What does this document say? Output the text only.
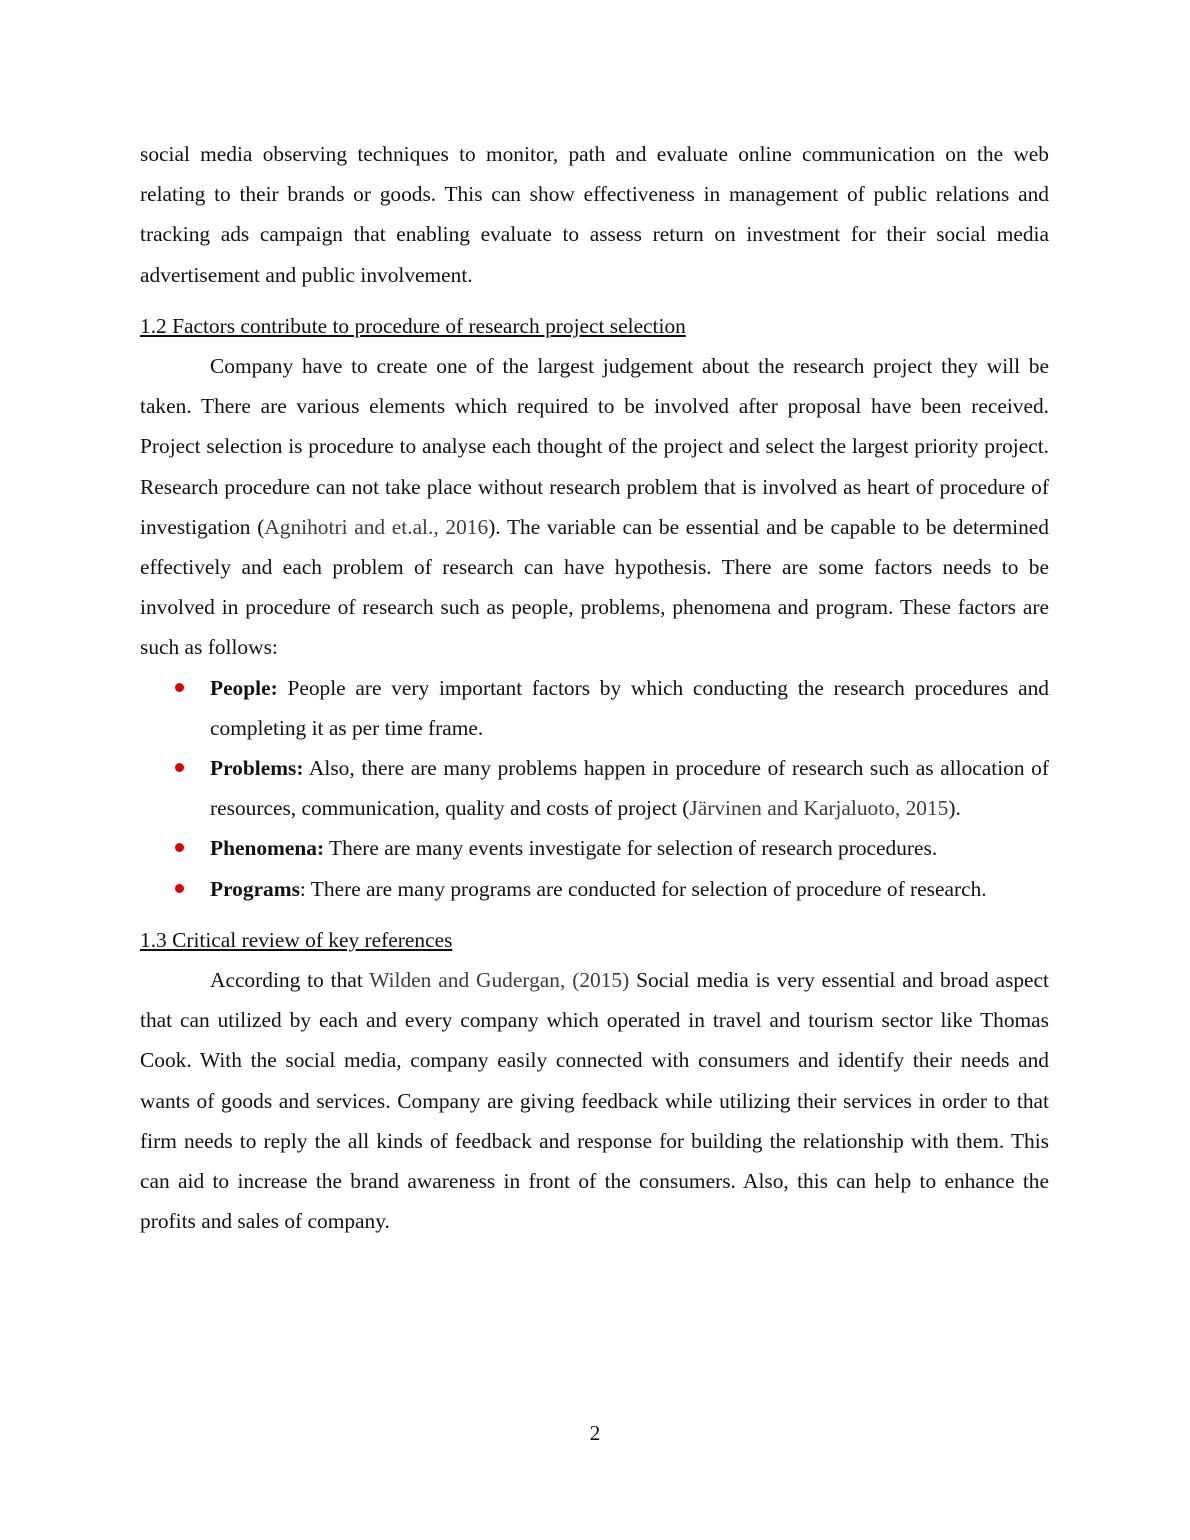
social media observing techniques to monitor, path and evaluate online communication on the web relating to their brands or goods. This can show effectiveness in management of public relations and tracking ads campaign that enabling evaluate to assess return on investment for their social media advertisement and public involvement.

1.2 Factors contribute to procedure of research project selection

Company have to create one of the largest judgement about the research project they will be taken. There are various elements which required to be involved after proposal have been received. Project selection is procedure to analyse each thought of the project and select the largest priority project. Research procedure can not take place without research problem that is involved as heart of procedure of investigation (Agnihotri and et.al., 2016). The variable can be essential and be capable to be determined effectively and each problem of research can have hypothesis. There are some factors needs to be involved in procedure of research such as people, problems, phenomena and program. These factors are such as follows:

People: People are very important factors by which conducting the research procedures and completing it as per time frame.
Problems: Also, there are many problems happen in procedure of research such as allocation of resources, communication, quality and costs of project (Järvinen and Karjaluoto, 2015).
Phenomena: There are many events investigate for selection of research procedures.
Programs: There are many programs are conducted for selection of procedure of research.
1.3 Critical review of key references

According to that Wilden and Gudergan, (2015) Social media is very essential and broad aspect that can utilized by each and every company which operated in travel and tourism sector like Thomas Cook. With the social media, company easily connected with consumers and identify their needs and wants of goods and services. Company are giving feedback while utilizing their services in order to that firm needs to reply the all kinds of feedback and response for building the relationship with them. This can aid to increase the brand awareness in front of the consumers. Also, this can help to enhance the profits and sales of company.

2
